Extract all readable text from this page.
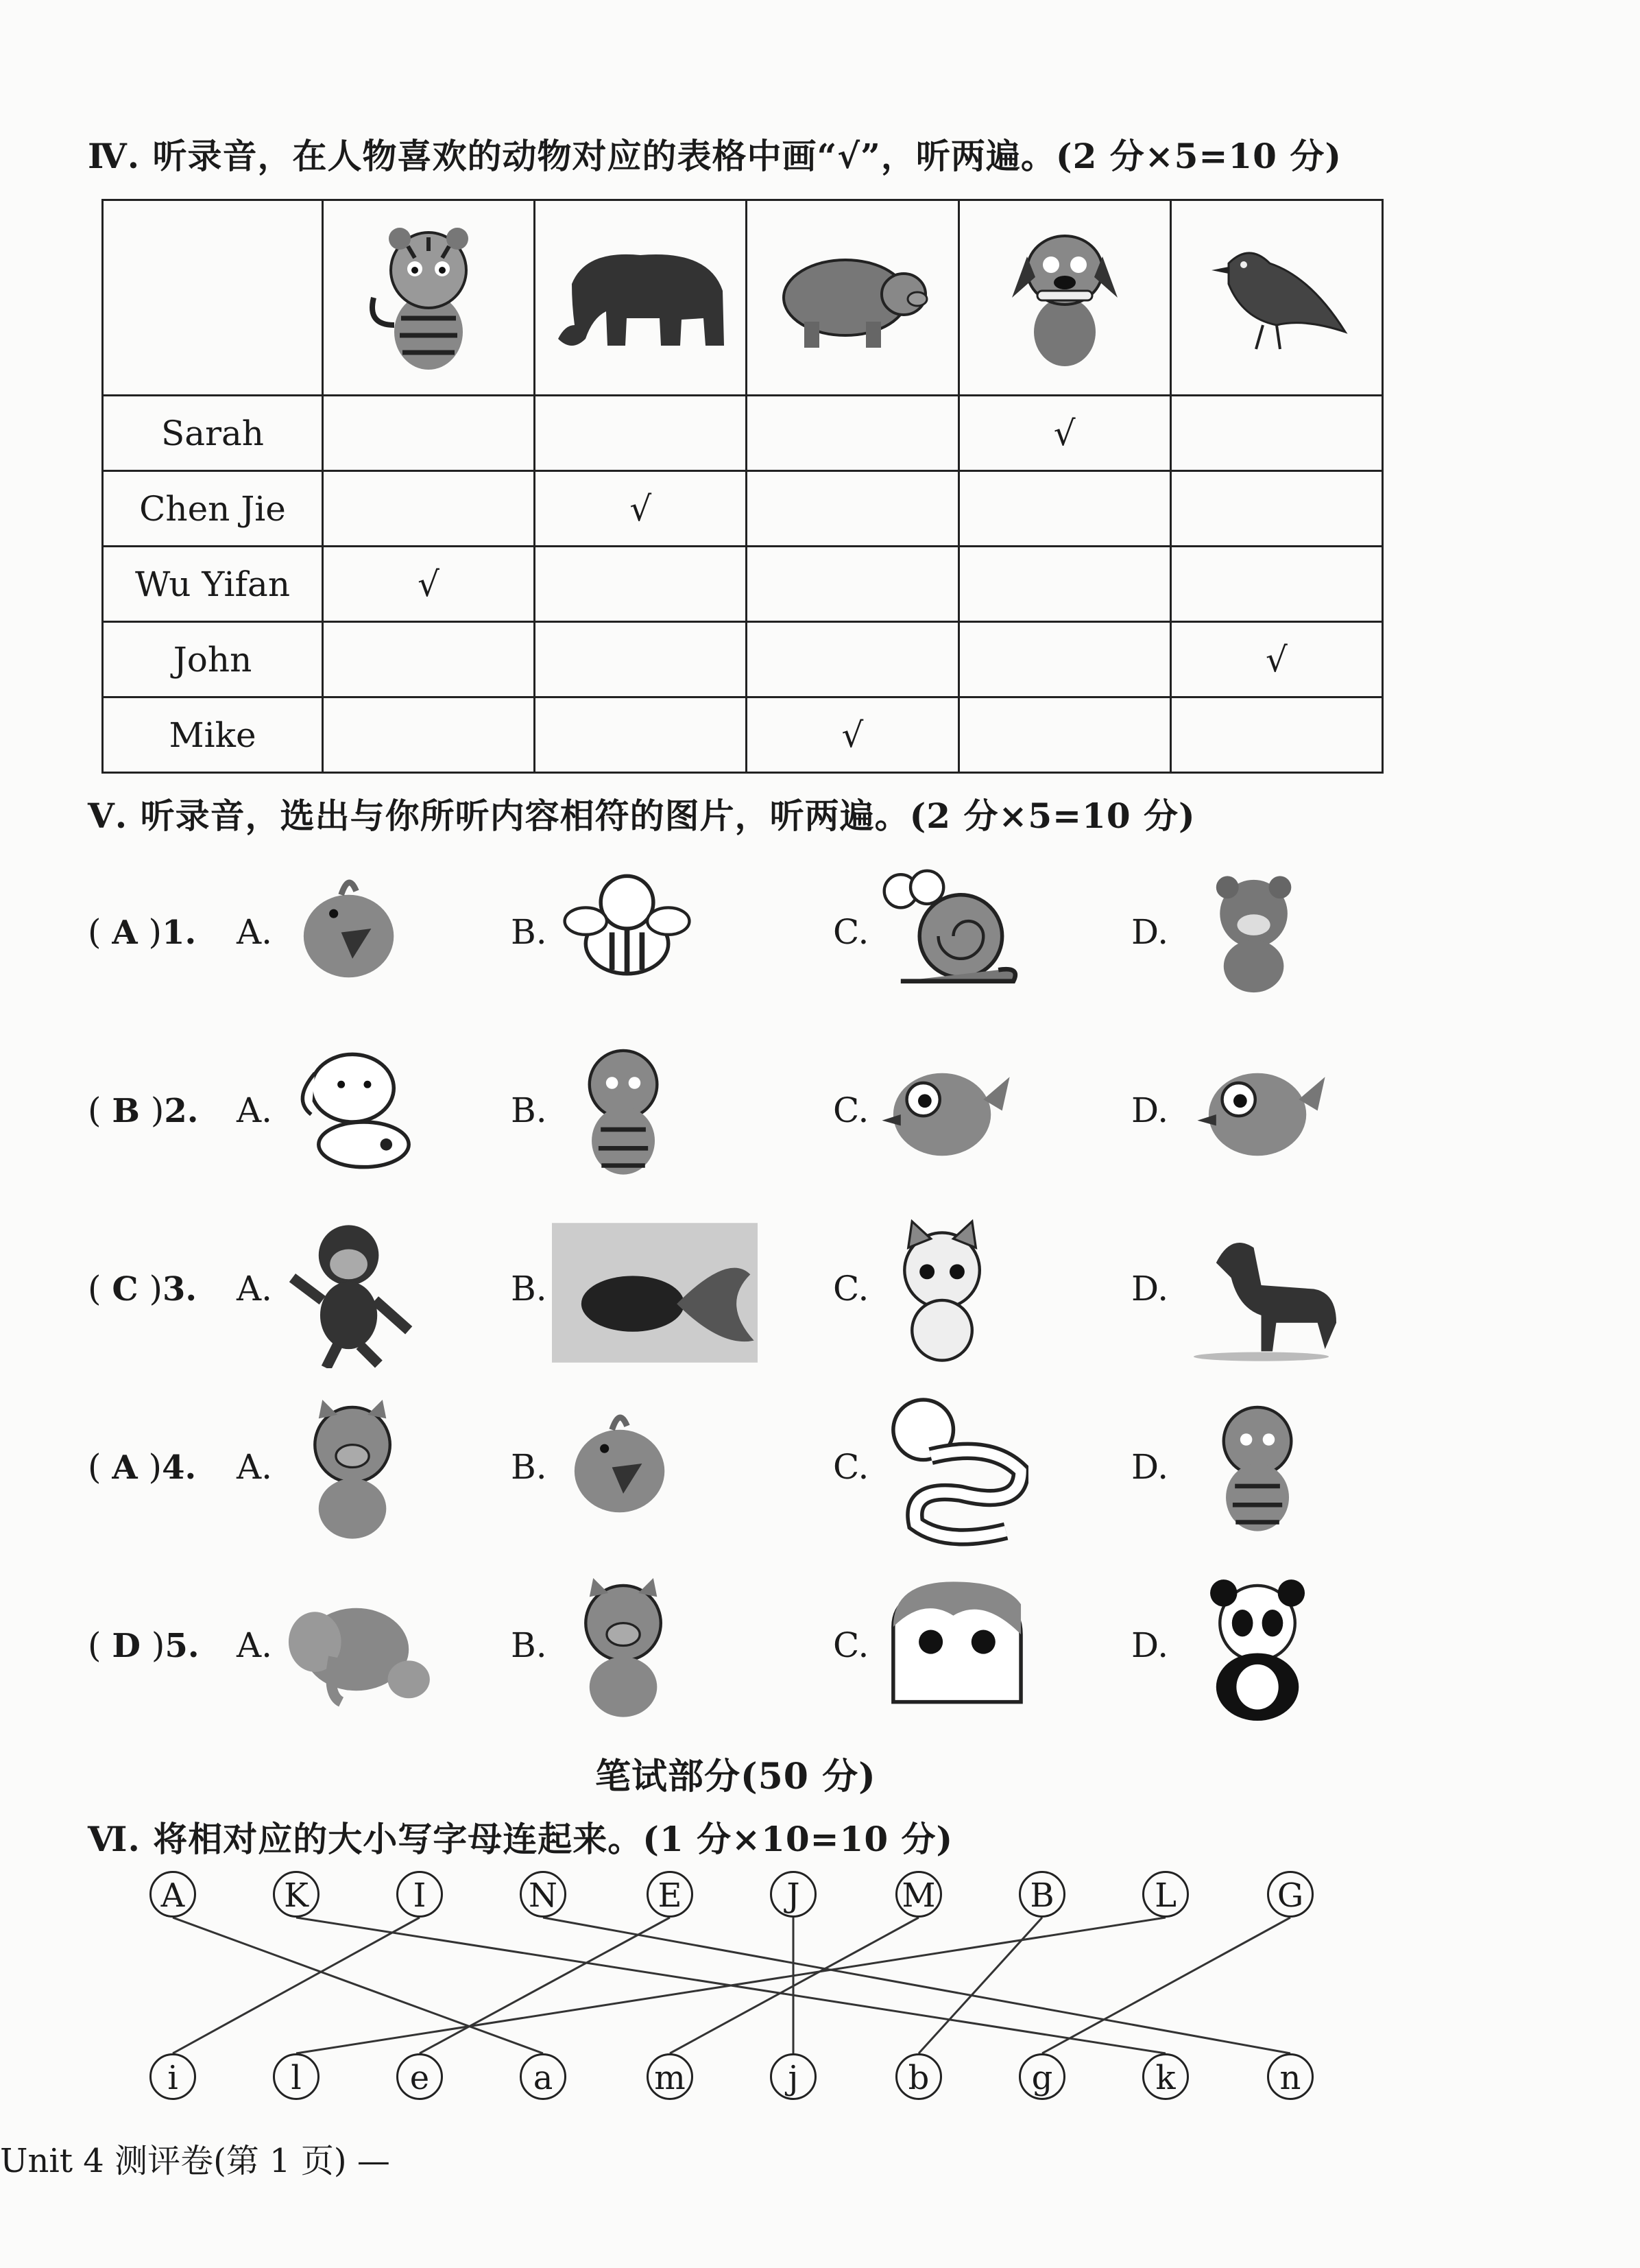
Ⅳ. 听录音，在人物喜欢的动物对应的表格中画“√”，听两遍。(2 分×5=10 分)

Sarah				√	
Chen Jie		√			
Wu Yifan	√				
John					√
Mike			√		
Ⅴ. 听录音，选出与你所听内容相符的图片，听两遍。(2 分×5=10 分)
( A )1. A.	B.	C.	D.
( B )2. A.	B.	C.	D.
( C )3. A.	B.	C.	D.
( A )4. A.	B.	C.	D.
( D )5. A.	B.	C.	D.
笔试部分(50 分)
Ⅵ. 将相对应的大小写字母连起来。(1 分×10=10 分)
A	K	I	N	E	J	M	B	L	G
i	l	e	a	m	j	b	g	k	n
Unit 4 测评卷(第 1 页) —
